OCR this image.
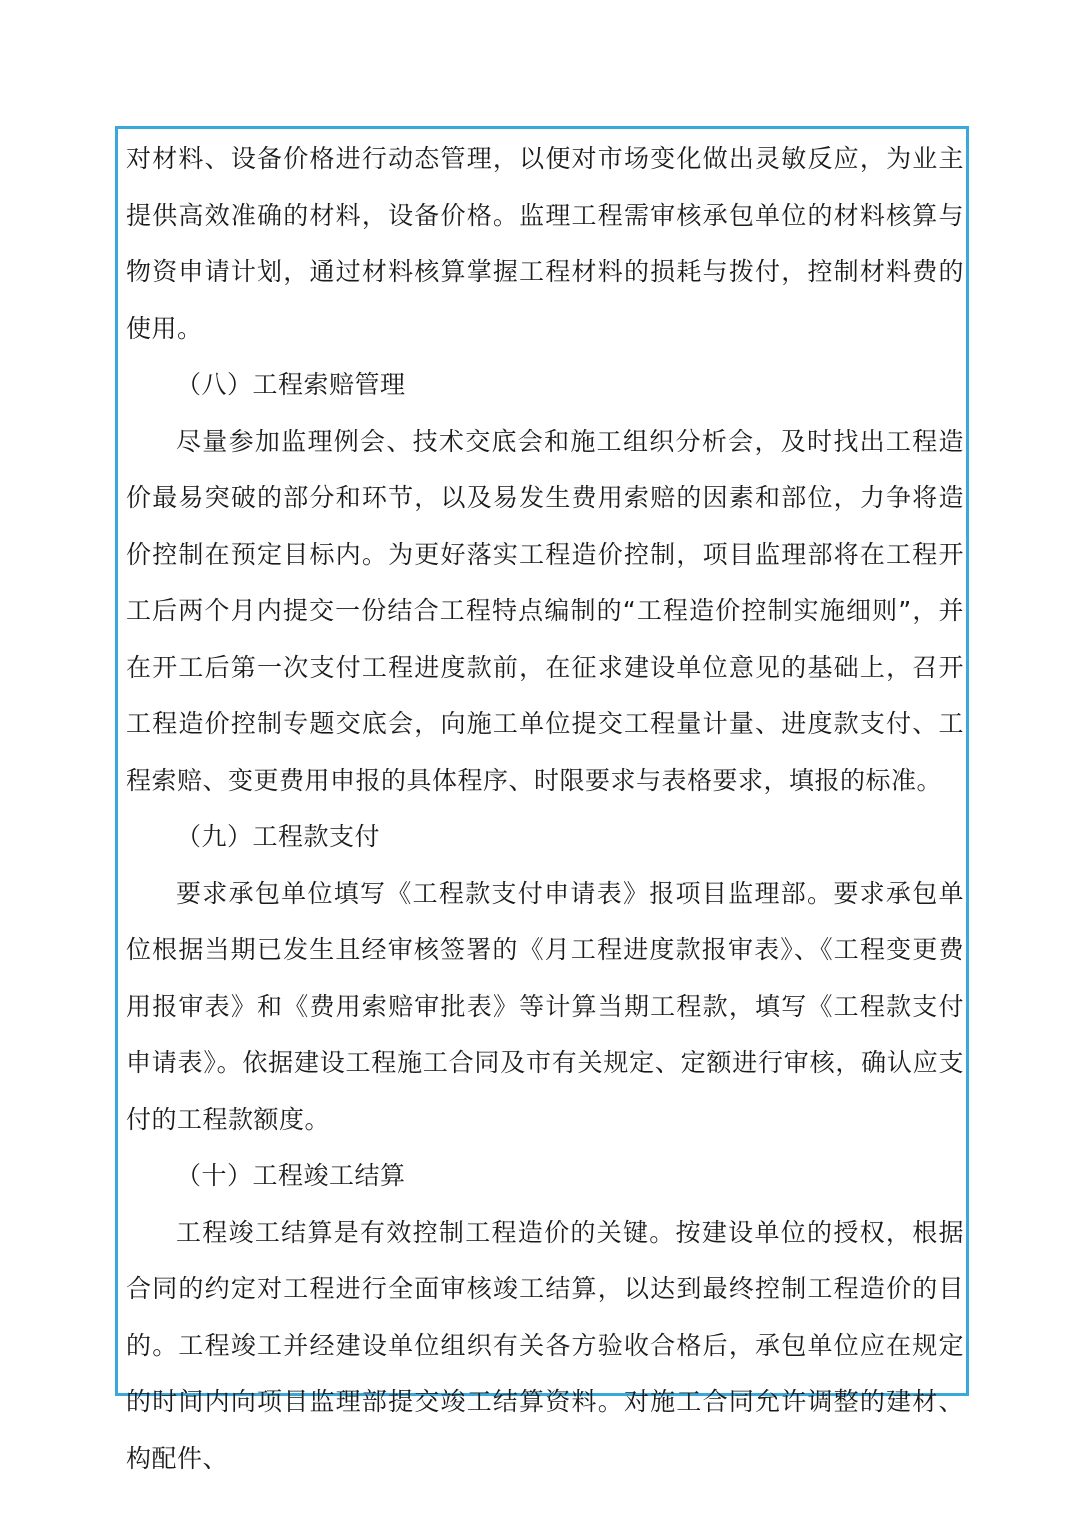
对材料、设备价格进行动态管理，以便对市场变化做出灵敏反应，为业主提供高效准确的材料，设备价格。监理工程需审核承包单位的材料核算与物资申请计划，通过材料核算掌握工程材料的损耗与拨付，控制材料费的使用。

（八）工程索赔管理

尽量参加监理例会、技术交底会和施工组织分析会，及时找出工程造价最易突破的部分和环节，以及易发生费用索赔的因素和部位，力争将造价控制在预定目标内。为更好落实工程造价控制，项目监理部将在工程开工后两个月内提交一份结合工程特点编制的“工程造价控制实施细则”，并在开工后第一次支付工程进度款前，在征求建设单位意见的基础上，召开工程造价控制专题交底会，向施工单位提交工程量计量、进度款支付、工程索赔、变更费用申报的具体程序、时限要求与表格要求，填报的标准。

（九）工程款支付

要求承包单位填写《工程款支付申请表》报项目监理部。要求承包单位根据当期已发生且经审核签署的《月工程进度款报审表》、《工程变更费用报审表》和《费用索赔审批表》等计算当期工程款，填写《工程款支付申请表》。依据建设工程施工合同及市有关规定、定额进行审核，确认应支付的工程款额度。

（十）工程竣工结算

工程竣工结算是有效控制工程造价的关键。按建设单位的授权，根据合同的约定对工程进行全面审核竣工结算，以达到最终控制工程造价的目的。工程竣工并经建设单位组织有关各方验收合格后，承包单位应在规定的时间内向项目监理部提交竣工结算资料。对施工合同允许调整的建材、构配件、
